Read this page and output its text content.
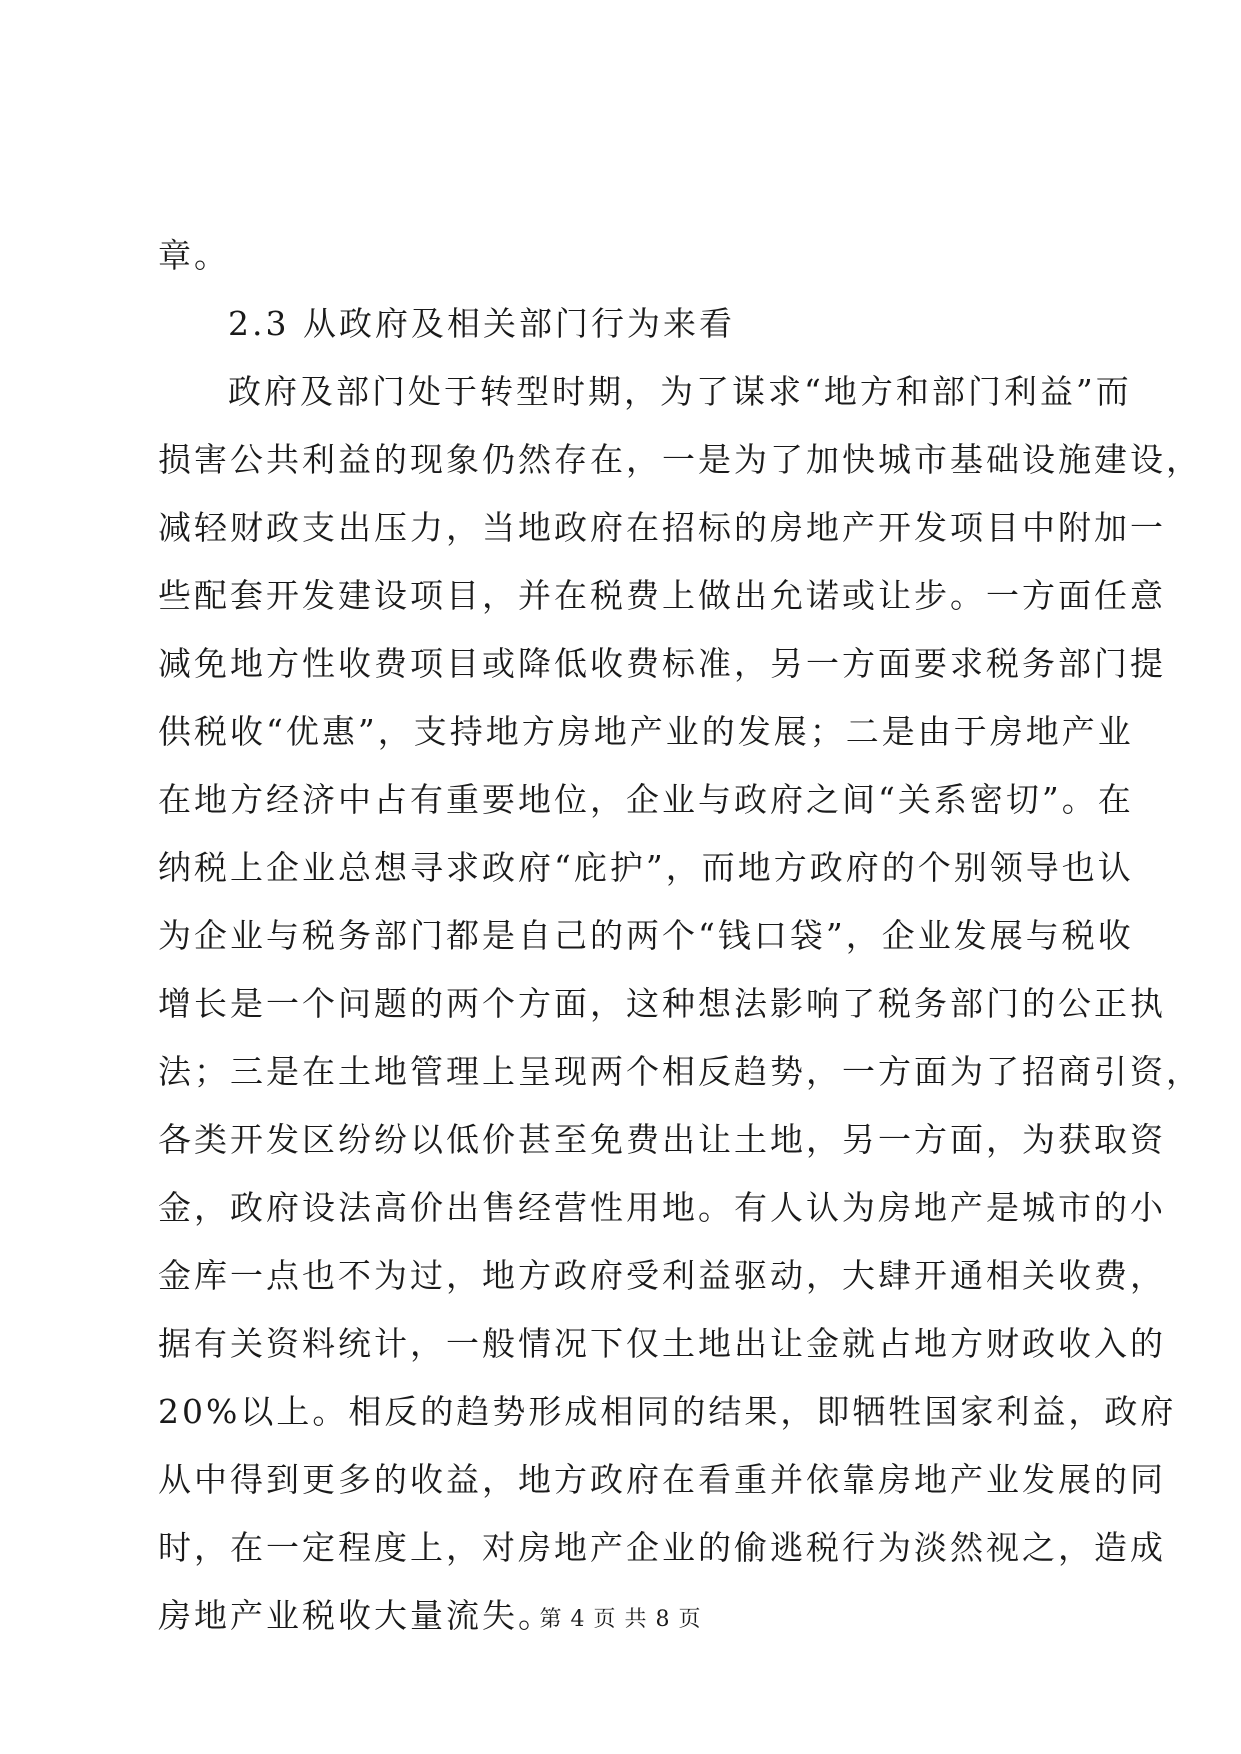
章。
2.3 从政府及相关部门行为来看
政府及部门处于转型时期，为了谋求“地方和部门利益”而
损害公共利益的现象仍然存在，一是为了加快城市基础设施建设，
减轻财政支出压力，当地政府在招标的房地产开发项目中附加一
些配套开发建设项目，并在税费上做出允诺或让步。一方面任意
减免地方性收费项目或降低收费标准，另一方面要求税务部门提
供税收“优惠”，支持地方房地产业的发展；二是由于房地产业
在地方经济中占有重要地位，企业与政府之间“关系密切”。在
纳税上企业总想寻求政府“庇护”，而地方政府的个别领导也认
为企业与税务部门都是自己的两个“钱口袋”，企业发展与税收
增长是一个问题的两个方面，这种想法影响了税务部门的公正执
法；三是在土地管理上呈现两个相反趋势，一方面为了招商引资，
各类开发区纷纷以低价甚至免费出让土地，另一方面，为获取资
金，政府设法高价出售经营性用地。有人认为房地产是城市的小
金库一点也不为过，地方政府受利益驱动，大肆开通相关收费，
据有关资料统计，一般情况下仅土地出让金就占地方财政收入的
20%以上。相反的趋势形成相同的结果，即牺牲国家利益，政府
从中得到更多的收益，地方政府在看重并依靠房地产业发展的同
时，在一定程度上，对房地产企业的偷逃税行为淡然视之，造成
房地产业税收大量流失。
第 4 页 共 8 页
